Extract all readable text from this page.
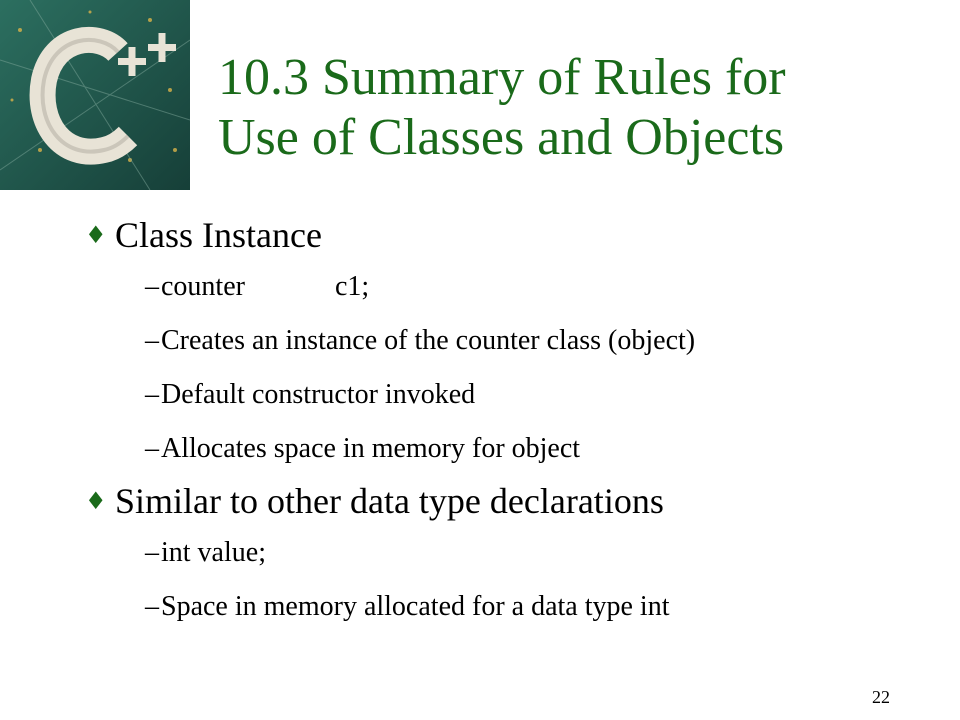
10.3 Summary of Rules for
Use of Classes and Objects
♦ Class Instance
–counter	c1;
–Creates an instance of the counter class (object)
–Default constructor invoked
–Allocates space in memory for object
♦ Similar to other data type declarations
–int value;
–Space in memory allocated for a data type int
22
